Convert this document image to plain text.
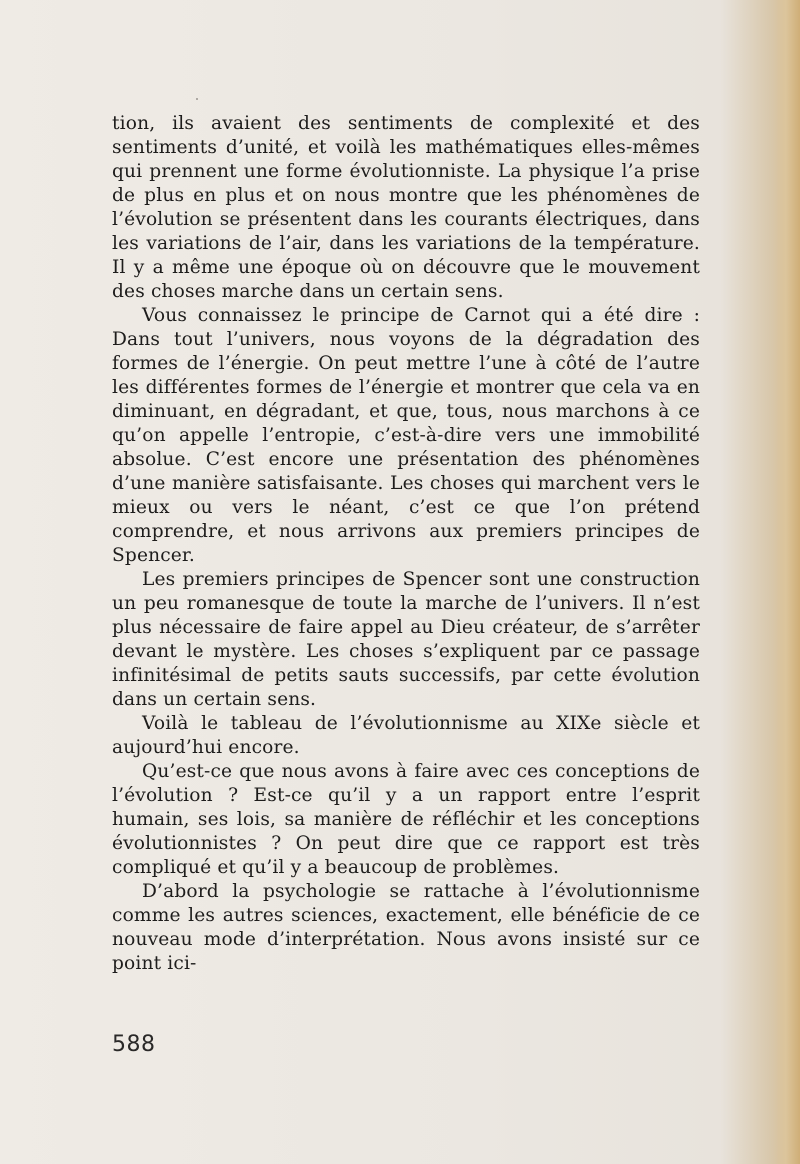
tion, ils avaient des sentiments de complexité et des sentiments d’unité, et voilà les mathématiques elles-mêmes qui prennent une forme évolutionniste. La physique l’a prise de plus en plus et on nous montre que les phénomènes de l’évolution se présentent dans les courants électriques, dans les variations de l’air, dans les variations de la température. Il y a même une époque où on découvre que le mouvement des choses marche dans un certain sens.

Vous connaissez le principe de Carnot qui a été dire : Dans tout l’univers, nous voyons de la dégradation des formes de l’énergie. On peut mettre l’une à côté de l’autre les différentes formes de l’énergie et montrer que cela va en diminuant, en dégradant, et que, tous, nous marchons à ce qu’on appelle l’entropie, c’est-à-dire vers une immobilité absolue. C’est encore une présentation des phénomènes d’une manière satisfaisante. Les choses qui marchent vers le mieux ou vers le néant, c’est ce que l’on prétend comprendre, et nous arrivons aux premiers principes de Spencer.

Les premiers principes de Spencer sont une construction un peu romanesque de toute la marche de l’univers. Il n’est plus nécessaire de faire appel au Dieu créateur, de s’arrêter devant le mystère. Les choses s’expliquent par ce passage infinitésimal de petits sauts successifs, par cette évolution dans un certain sens.

Voilà le tableau de l’évolutionnisme au XIXe siècle et aujourd’hui encore.

Qu’est-ce que nous avons à faire avec ces conceptions de l’évolution ? Est-ce qu’il y a un rapport entre l’esprit humain, ses lois, sa manière de réfléchir et les conceptions évolutionnistes ? On peut dire que ce rapport est très compliqué et qu’il y a beaucoup de problèmes.

D’abord la psychologie se rattache à l’évolutionnisme comme les autres sciences, exactement, elle bénéficie de ce nouveau mode d’interprétation. Nous avons insisté sur ce point ici-

588
